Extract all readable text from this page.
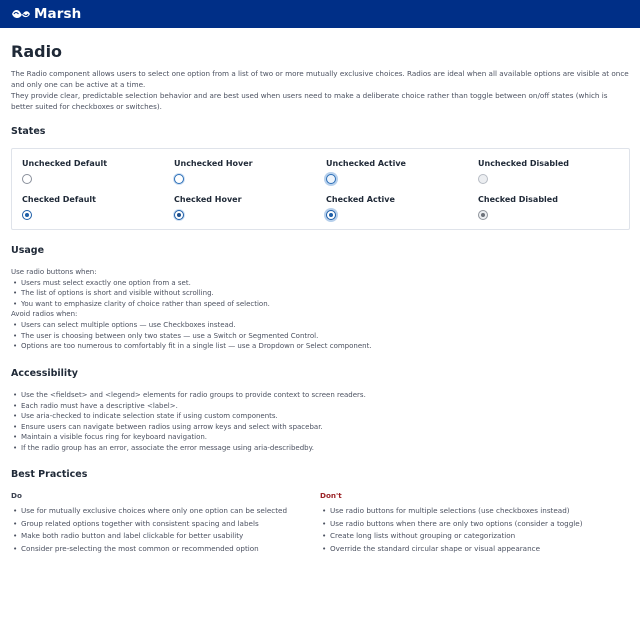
Marsh
Radio
The Radio component allows users to select one option from a list of two or more mutually exclusive choices. Radios are ideal when all available options are visible at once and only one can be active at a time.
They provide clear, predictable selection behavior and are best used when users need to make a deliberate choice rather than toggle between on/off states (which is better suited for checkboxes or switches).
States
Unchecked Default	Unchecked Hover	Unchecked Active	Unchecked Disabled
Checked Default	Checked Hover	Checked Active	Checked Disabled
Usage
Use radio buttons when:
• Users must select exactly one option from a set.
• The list of options is short and visible without scrolling.
• You want to emphasize clarity of choice rather than speed of selection.
Avoid radios when:
• Users can select multiple options — use Checkboxes instead.
• The user is choosing between only two states — use a Switch or Segmented Control.
• Options are too numerous to comfortably fit in a single list — use a Dropdown or Select component.
Accessibility
• Use the <fieldset> and <legend> elements for radio groups to provide context to screen readers.
• Each radio must have a descriptive <label>.
• Use aria-checked to indicate selection state if using custom components.
• Ensure users can navigate between radios using arrow keys and select with spacebar.
• Maintain a visible focus ring for keyboard navigation.
• If the radio group has an error, associate the error message using aria-describedby.
Best Practices
Do
• Use for mutually exclusive choices where only one option can be selected
• Group related options together with consistent spacing and labels
• Make both radio button and label clickable for better usability
• Consider pre-selecting the most common or recommended option
Don't
• Use radio buttons for multiple selections (use checkboxes instead)
• Use radio buttons when there are only two options (consider a toggle)
• Create long lists without grouping or categorization
• Override the standard circular shape or visual appearance
